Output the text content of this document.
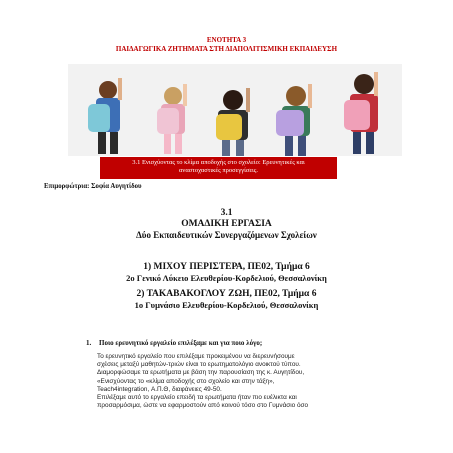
ΕΝΟΤΗΤΑ 3
ΠΑΙΔΑΓΩΓΙΚΑ ΖΗΤΗΜΑΤΑ ΣΤΗ ΔΙΑΠΟΛΙΤΙΣΜΙΚΗ ΕΚΠΑΙΔΕΥΣΗ
3.1 Ενισχύοντας το κλίμα αποδοχής στο σχολείο: Ερευνητικές και
αναστοχαστικές προσεγγίσεις.
Επιμορφώτρια: Σοφία Αυγητίδου
3.1
ΟΜΑΔΙΚΗ ΕΡΓΑΣΙΑ
Δύο Εκπαιδευτικών Συνεργαζόμενων Σχολείων
1) ΜΙΧΟΥ ΠΕΡΙΣΤΕΡΑ, ΠΕ02, Τμήμα 6
2ο Γενικό Λύκειο Ελευθερίου-Κορδελιού, Θεσσαλονίκη
2) ΤΑΚΑΒΑΚΟΓΛΟΥ ΖΩΗ, ΠΕ02, Τμήμα 6
1ο Γυμνάσιο Ελευθερίου-Κορδελιού, Θεσσαλονίκη
1. Ποιο ερευνητικό εργαλείο επιλέξαμε και για ποιο λόγο;
Το ερευνητικό εργαλείο που επιλέξαμε προκειμένου να διερευνήσουμε
σχέσεις μεταξύ μαθητών-τριών είναι το ερωτηματολόγιο ανοικτού τύπου.
Διαμορφώσαμε τα ερωτήματα με βάση την παρουσίαση της κ. Αυγητίδου,
«Ενισχύοντας το «κλίμα αποδοχής στο σχολείο και στην τάξη»,
Teach4integration, Α.Π.Θ, διαφάνειες 49-50.
Επιλέξαμε αυτό το εργαλείο επειδή τα ερωτήματα ήταν πιο ευέλικτα και
προσαρμόσιμα, ώστε να εφαρμοστούν από κοινού τόσο στο Γυμνάσιο όσο
